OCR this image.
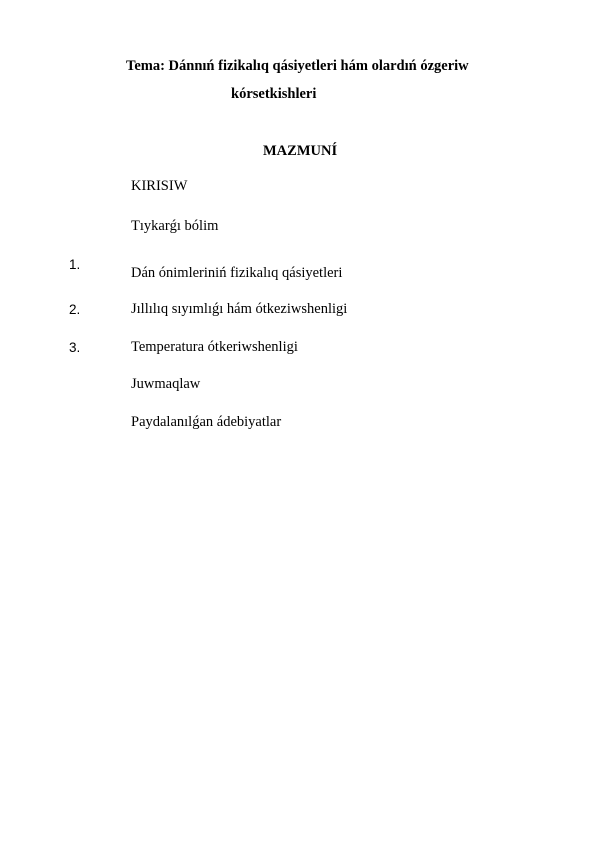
Tema: Dánnıń fizikalıq qásiyetleri hám olardıń ózgeriw
kórsetkishleri
MAZMUNÍ
KIRISIW
Tıykarǵı bólim
1.
Dán ónimleriniń fizikalıq qásiyetleri
2.	Jıllılıq sıyımlıǵı hám ótkeziwshenligi
3.	Temperatura ótkeriwshenligi
Juwmaqlaw
Paydalanılǵan ádebiyatlar
